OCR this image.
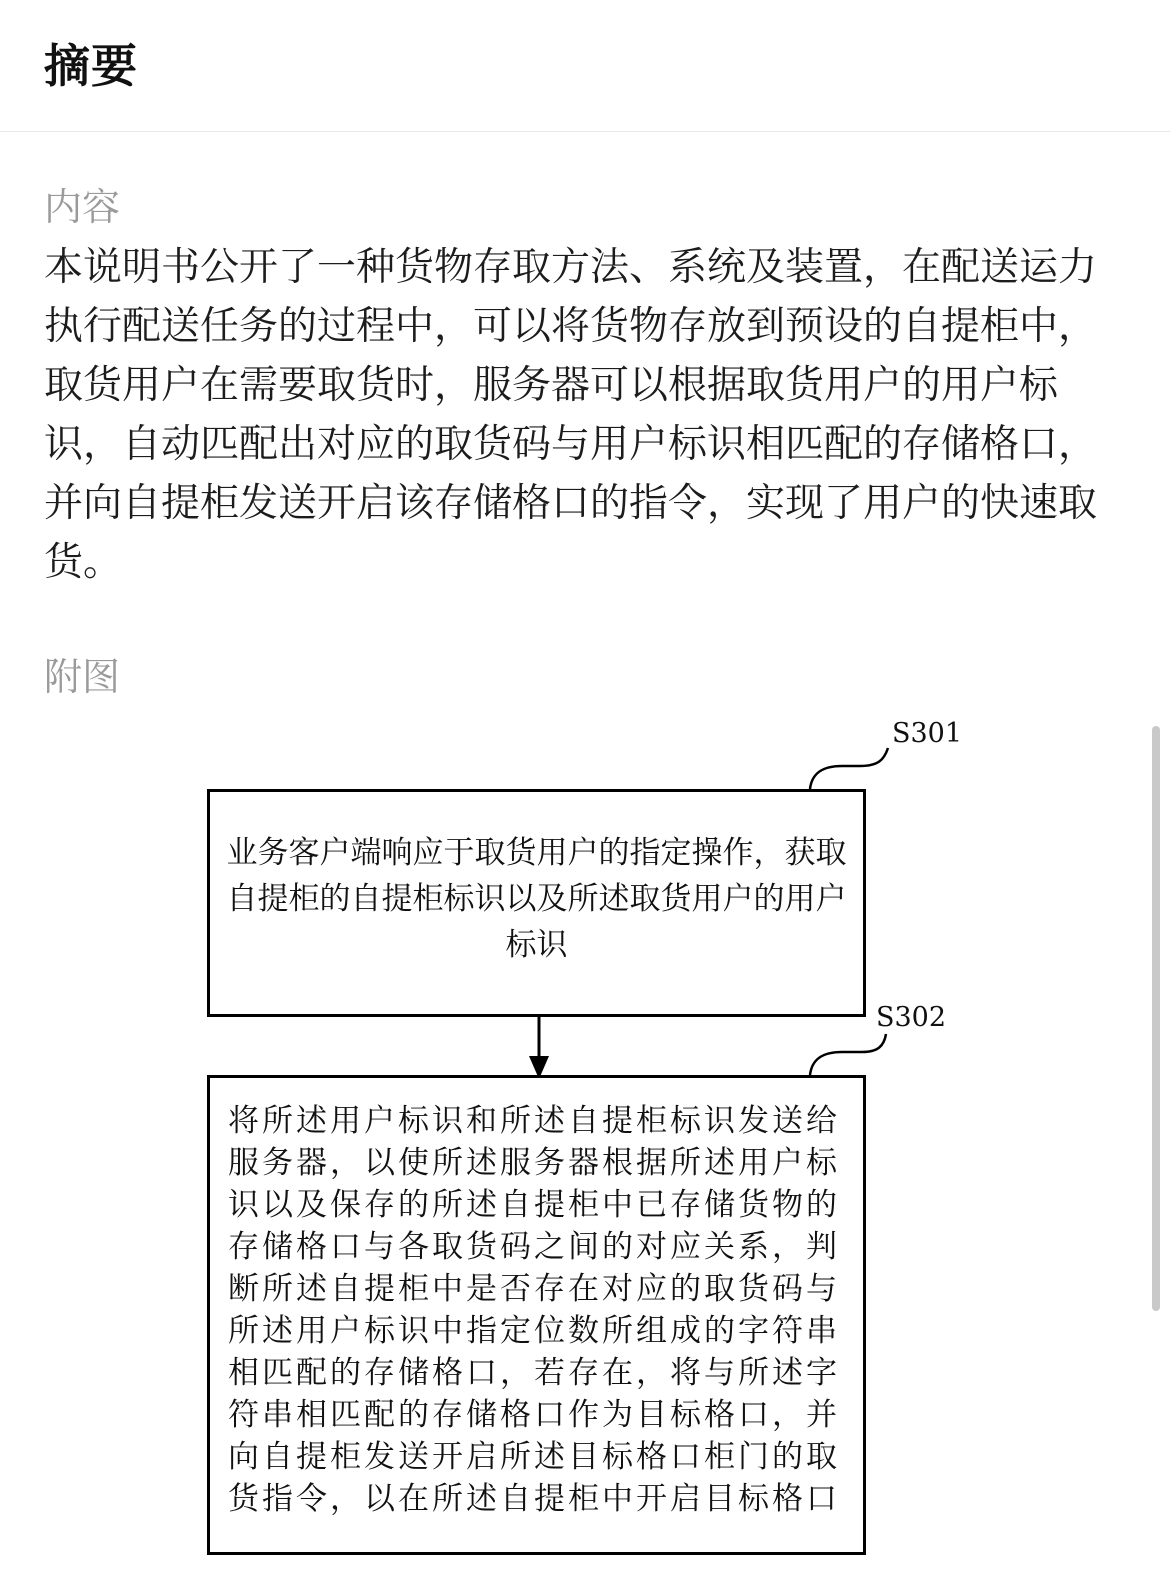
摘要
内容
本说明书公开了一种货物存取方法、系统及装置，在配送运力执行配送任务的过程中，可以将货物存放到预设的自提柜中，取货用户在需要取货时，服务器可以根据取货用户的用户标识，自动匹配出对应的取货码与用户标识相匹配的存储格口，并向自提柜发送开启该存储格口的指令，实现了用户的快速取货。
附图
S301
S302
业务客户端响应于取货用户的指定操作，获取自提柜的自提柜标识以及所述取货用户的用户标识
将所述用户标识和所述自提柜标识发送给服务器，以使所述服务器根据所述用户标识以及保存的所述自提柜中已存储货物的存储格口与各取货码之间的对应关系，判断所述自提柜中是否存在对应的取货码与所述用户标识中指定位数所组成的字符串相匹配的存储格口，若存在，将与所述字符串相匹配的存储格口作为目标格口，并向自提柜发送开启所述目标格口柜门的取货指令，以在所述自提柜中开启目标格口
